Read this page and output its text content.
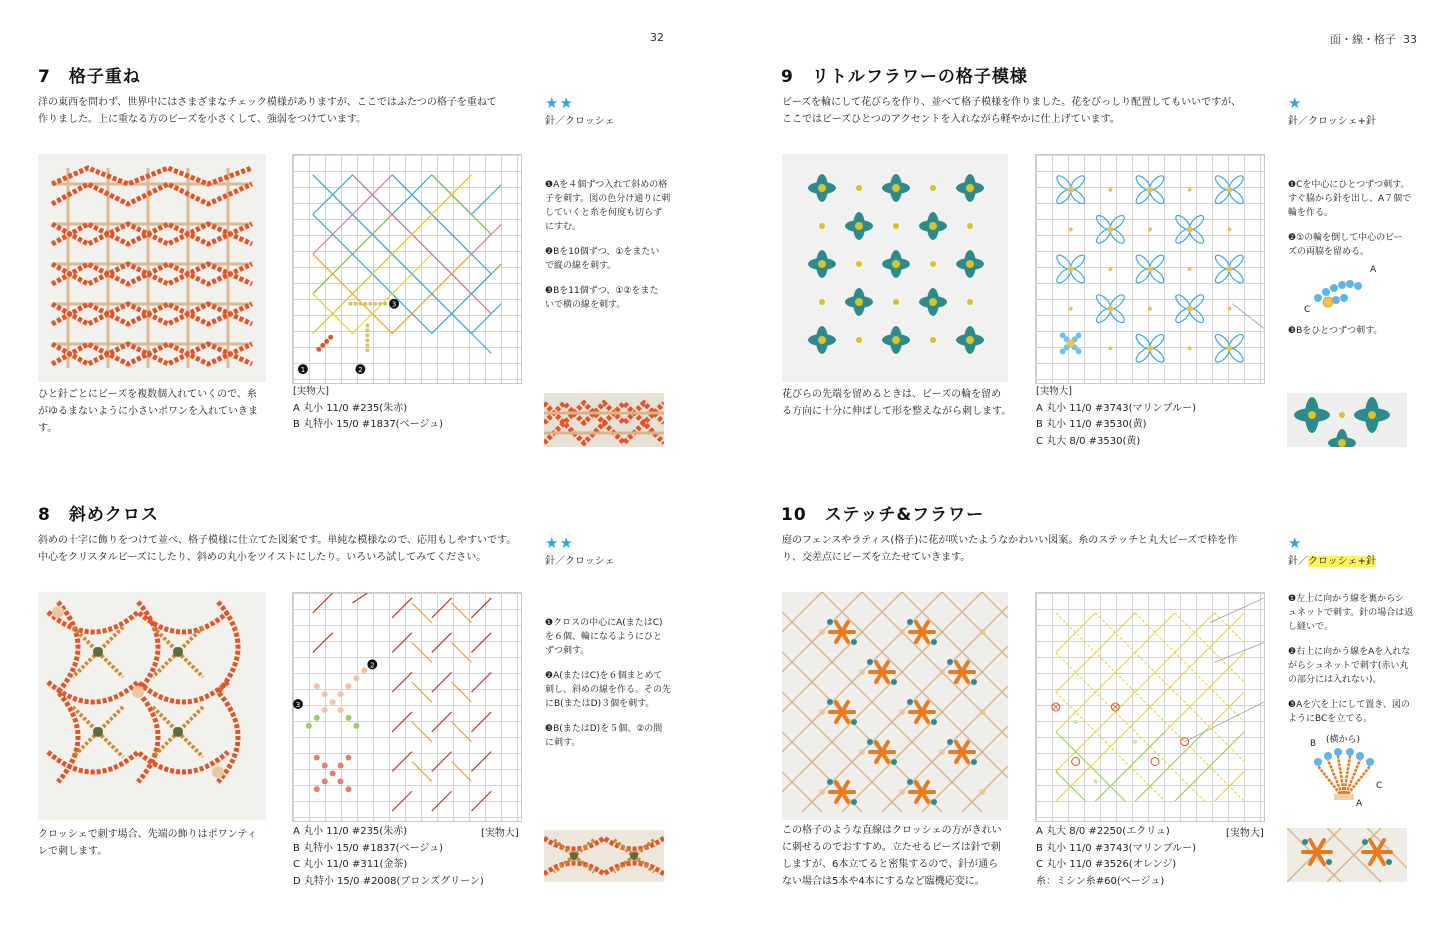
32	面・線・格子 33
7 格子重ね
洋の東西を問わず、世界中にはさまざまなチェック模様がありますが、ここではふたつの格子を重ねて
作りました。上に重なる方のビーズを小さくして、強弱をつけています。
★★
針／クロッシェ
1	2
3

❶Aを４個ずつ入れて斜めの格
子を刺す。図の色分け通りに刺
していくと糸を何度も切らず
にすむ。

❷Bを10個ずつ、①をまたい
で縦の線を刺す。

❸Bを11個ずつ、①②をまた
いで横の線を刺す。

ひと針ごとにビーズを複数個入れていくので、糸
がゆるまないように小さいポワンを入れていきま
す。
[実物大]
A 丸小 11/0 #235(朱赤)
B 丸特小 15/0 #1837(ベージュ)
8 斜めクロス
斜めの十字に飾りをつけて並べ、格子模様に仕立てた図案です。単純な模様なので、応用もしやすいです。
中心をクリスタルビーズにしたり、斜めの丸小をツイストにしたり。いろいろ試してみてください。
★★
針／クロッシェ
2
3

❶クロスの中心にA(またはC)
を６個、輪になるようにひと
ずつ刺す。

❷A(またはC)を６個まとめて
刺し、斜めの線を作る。その先
にB(またはD)３個を刺す。

❸B(またはD)を５個、②の間
に刺す。

クロッシェで刺す場合、先端の飾りはポワンティ
レで刺します。
[実物大]
A 丸小 11/0 #235(朱赤)
B 丸特小 15/0 #1837(ベージュ)
C 丸小 11/0 #311(金茶)
D 丸特小 15/0 #2008(ブロンズグリーン)
9 リトルフラワーの格子模様
ビーズを輪にして花びらを作り、並べて格子模様を作りました。花をびっしり配置してもいいですが、
ここではビーズひとつのアクセントを入れながら軽やかに仕上げています。
★
針／クロッシェ+針

❶Cを中心にひとつずつ刺す。
すぐ脇から針を出し、A７個で
輪を作る。

❷①の輪を倒して中心のビー
ズの両脇を留める。

A
C

❸Bをひとつずつ刺す。

花びらの先端を留めるときは、ビーズの輪を留め
る方向に十分に伸ばして形を整えながら刺します。
[実物大]
A 丸小 11/0 #3743(マリンブルー)
B 丸小 11/0 #3530(黄)
C 丸大 8/0 #3530(黄)
10 ステッチ&フラワー
庭のフェンスやラティス(格子)に花が咲いたようなかわいい図案。糸のステッチと丸大ビーズで枠を作
り、交差点にビーズを立たせていきます。
★
針／クロッシェ+針

❶左上に向かう線を裏からシ
ュネットで刺す。針の場合は返
し縫いで。

❷右上に向かう線をAを入れな
がらシュネットで刺す(赤い丸
の部分には入れない)。

❸Aを穴を上にして置き、図の
ようにBCを立てる。

(横から)
B
C
A
この格子のような直線はクロッシェの方がきれい
に刺せるのでおすすめ。立たせるビーズは針で刺
しますが、6本立てると密集するので、針が通ら
ない場合は5本や4本にするなど臨機応変に。
[実物大]
A 丸大 8/0 #2250(エクリュ)
B 丸小 11/0 #3743(マリンブルー)
C 丸小 11/0 #3526(オレンジ)
糸：ミシン糸#60(ベージュ)
